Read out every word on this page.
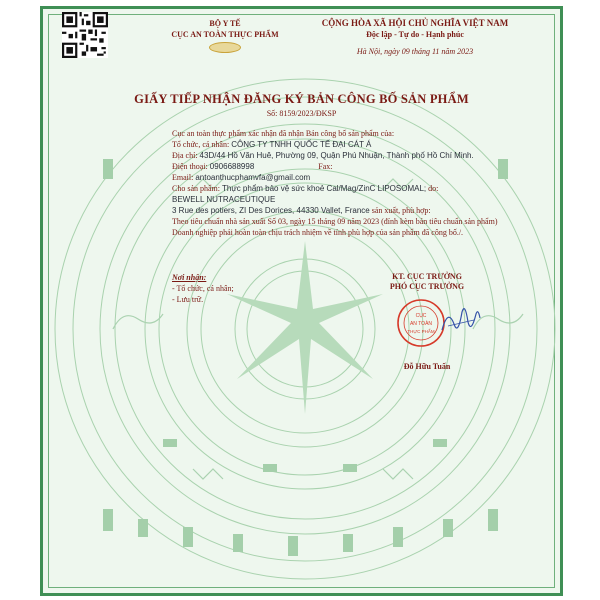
BỘ Y TẾ
CỤC AN TOÀN THỰC PHẨM
CỘNG HÒA XÃ HỘI CHỦ NGHĨA VIỆT NAM
Độc lập - Tự do - Hạnh phúc
Hà Nội, ngày 09 tháng 11 năm 2023
GIẤY TIẾP NHẬN ĐĂNG KÝ BẢN CÔNG BỐ SẢN PHẨM
Số: 8159/2023/ĐKSP
Cục an toàn thực phẩm xác nhận đã nhận Bản công bố sản phẩm của:
Tổ chức, cá nhân: CÔNG TY TNHH QUỐC TẾ ĐẠI CÁT Á
Địa chỉ: 43D/44 Hồ Văn Huê, Phường 09, Quận Phú Nhuận, Thành phố Hồ Chí Minh.
Điện thoại: 0906688998	Fax:
Email: antoanthucphamvfa@gmail.com
Cho sản phẩm: Thực phẩm bảo vệ sức khoẻ Cal/Mag/ZinC LIPOSOMAL; do:
BEWELL NUTRACEUTIQUE
3 Rue des potiers, ZI Des Dorices, 44330 Vallet, France sản xuất, phù hợp:
Theo tiêu chuẩn nhà sản xuất Số 03, ngày 15 tháng 09 năm 2023 (đính kèm bản tiêu chuẩn sản phẩm)
Doanh nghiệp phải hoàn toàn chịu trách nhiệm về tính phù hợp của sản phẩm đã công bố./.
Nơi nhận:
- Tổ chức, cá nhân;
- Lưu trữ.
KT. CỤC TRƯỞNG
PHÓ CỤC TRƯỞNG
CỤC
AN TOÀN
THỰC PHẨM
Đỗ Hữu Tuấn
